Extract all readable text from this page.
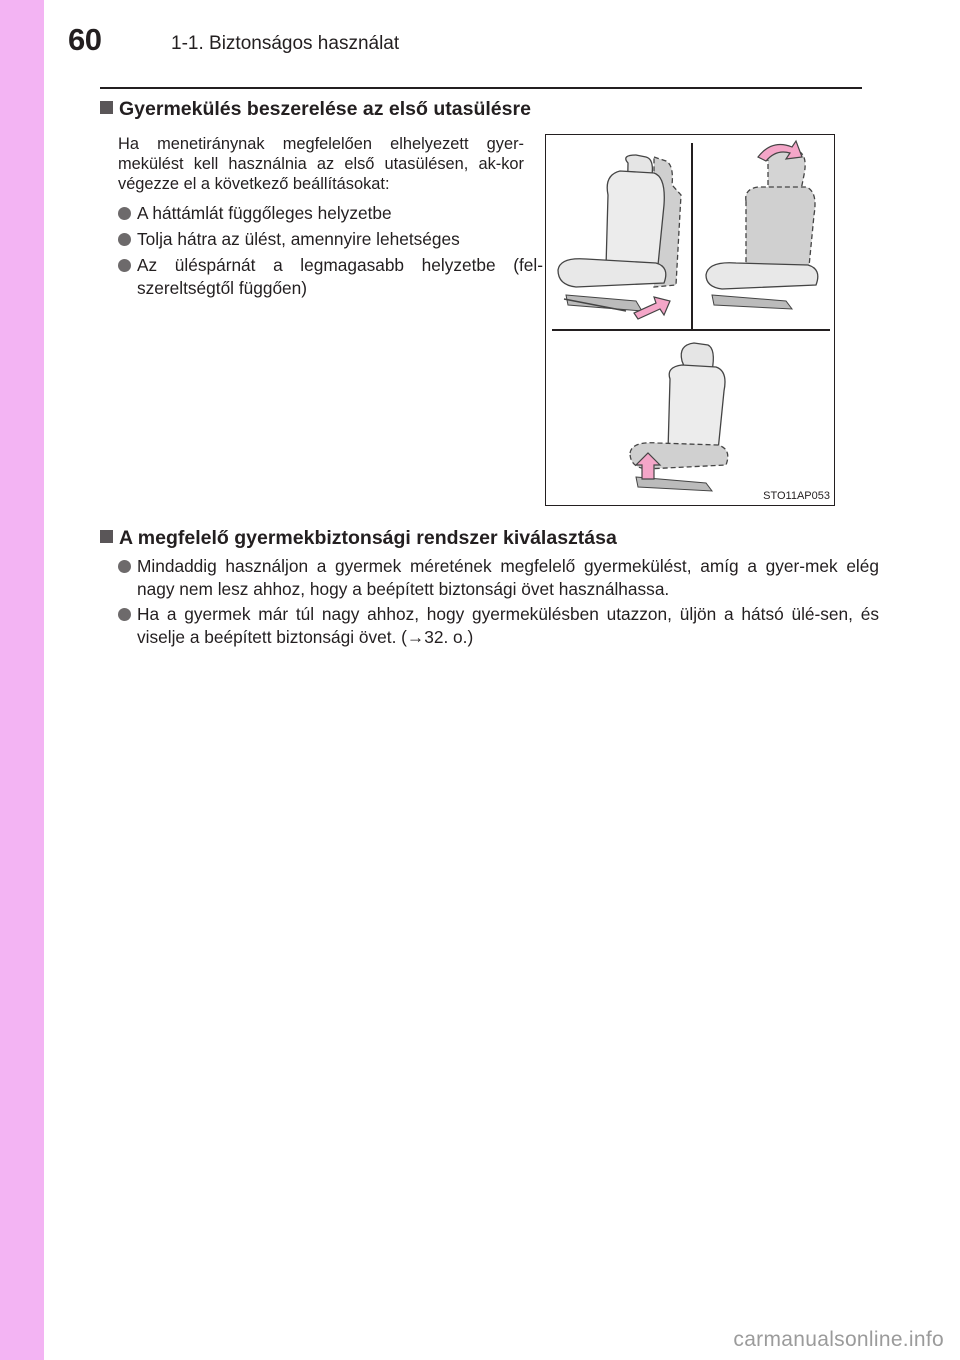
60	1-1. Biztonságos használat
Gyermekülés beszerelése az első utasülésre
Ha menetiránynak megfelelően elhelyezett gyer-mekülést kell használnia az első utasülésen, ak-kor végezze el a következő beállításokat:
A háttámlát függőleges helyzetbe
Tolja hátra az ülést, amennyire lehetséges
Az üléspárnát a legmagasabb helyzetbe (fel-szereltségtől függően)
STO11AP053
A megfelelő gyermekbiztonsági rendszer kiválasztása
Mindaddig használjon a gyermek méretének megfelelő gyermekülést, amíg a gyer-mek elég nagy nem lesz ahhoz, hogy a beépített biztonsági övet használhassa.
Ha a gyermek már túl nagy ahhoz, hogy gyermekülésben utazzon, üljön a hátsó ülé-sen, és viselje a beépített biztonsági övet. (→32. o.)
carmanualsonline.info
